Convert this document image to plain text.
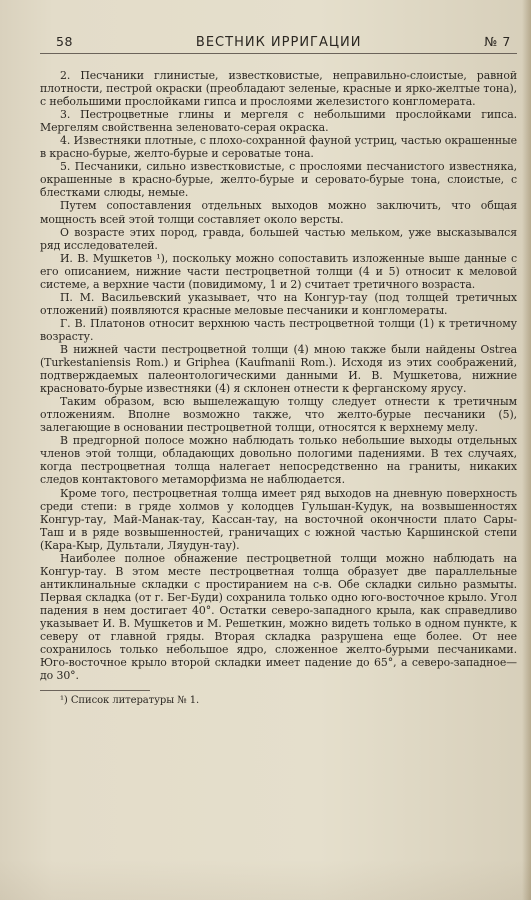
58	ВЕСТНИК ИРРИГАЦИИ	№ 7

2. Песчаники глинистые, известковистые, неправильно-слоистые, равной плотности, пестрой окраски (преобладают зеленые, красные и ярко-желтые тона), с небольшими прослойками гипса и прослоями железистого конгломерата.

3. Пестроцветные глины и мергеля с небольшими прослойками гипса. Мергелям свойственна зеленовато-серая окраска.

4. Известняки плотные, с плохо-сохранной фауной устриц, частью окрашенные в красно-бурые, желто-бурые и сероватые тона.

5. Песчаники, сильно известковистые, с прослоями песчанистого известняка, окрашенные в красно-бурые, желто-бурые и серовато-бурые тона, слоистые, с блестками слюды, немые.

Путем сопоставления отдельных выходов можно заключить, что общая мощность всей этой толщи составляет около версты.

О возрасте этих пород, гравда, большей частью мельком, уже высказывался ряд исследователей.

И. В. Мушкетов ¹), поскольку можно сопоставить изложенные выше данные с его описанием, нижние части пестроцветной толщи (4 и 5) относит к меловой системе, а верхние части (повидимому, 1 и 2) считает третичного возраста.

П. М. Васильевский указывает, что на Конгур-тау (под толщей третичных отложений) появляются красные меловые песчаники и конгломераты.

Г. В. Платонов относит верхнюю часть пестроцветной толщи (1) к третичному возрасту.

В нижней части пестроцветной толщи (4) мною также были найдены Ostrea (Turkestaniensis Rom.) и Griphea (Kaufmanii Rom.). Исходя из этих соображений, подтверждаемых палеонтологическими данными И. В. Мушкетова, нижние красновато-бурые известняки (4) я склонен отнести к ферганскому ярусу.

Таким образом, всю вышележащую толщу следует отнести к третичным отложениям. Вполне возможно также, что желто-бурые песчаники (5), залегающие в основании пестроцветной толщи, относятся к верхнему мелу.

В предгорной полосе можно наблюдать только небольшие выходы отдельных членов этой толщи, обладающих довольно пологими падениями. В тех случаях, когда пестроцветная толща налегает непосредственно на граниты, никаких следов контактового метаморфизма не наблюдается.

Кроме того, пестроцветная толща имеет ряд выходов на дневную поверхность среди степи: в гряде холмов у колодцев Гульшан-Кудук, на возвышенностях Конгур-тау, Май-Манак-тау, Кассан-тау, на восточной окончности плато Сары-Таш и в ряде возвышенностей, граничащих с южной частью Каршинской степи (Кара-Кыр, Дультали, Ляудун-тау).

Наиболее полное обнажение пестроцветной толщи можно наблюдать на Конгур-тау. В этом месте пестроцветная толща образует две параллельные антиклинальные складки с простиранием на с-в. Обе складки сильно размыты. Первая складка (от г. Бег-Буди) сохранила только одно юго-восточное крыло. Угол падения в нем достигает 40°. Остатки северо-западного крыла, как справедливо указывает И. В. Мушкетов и М. Решеткин, можно видеть только в одном пункте, к северу от главной гряды. Вторая складка разрушена еще более. От нее сохранилось только небольшое ядро, сложенное желто-бурыми песчаниками. Юго-восточное крыло второй складки имеет падение до 65°, а северо-западное—до 30°.

¹) Список литературы № 1.
